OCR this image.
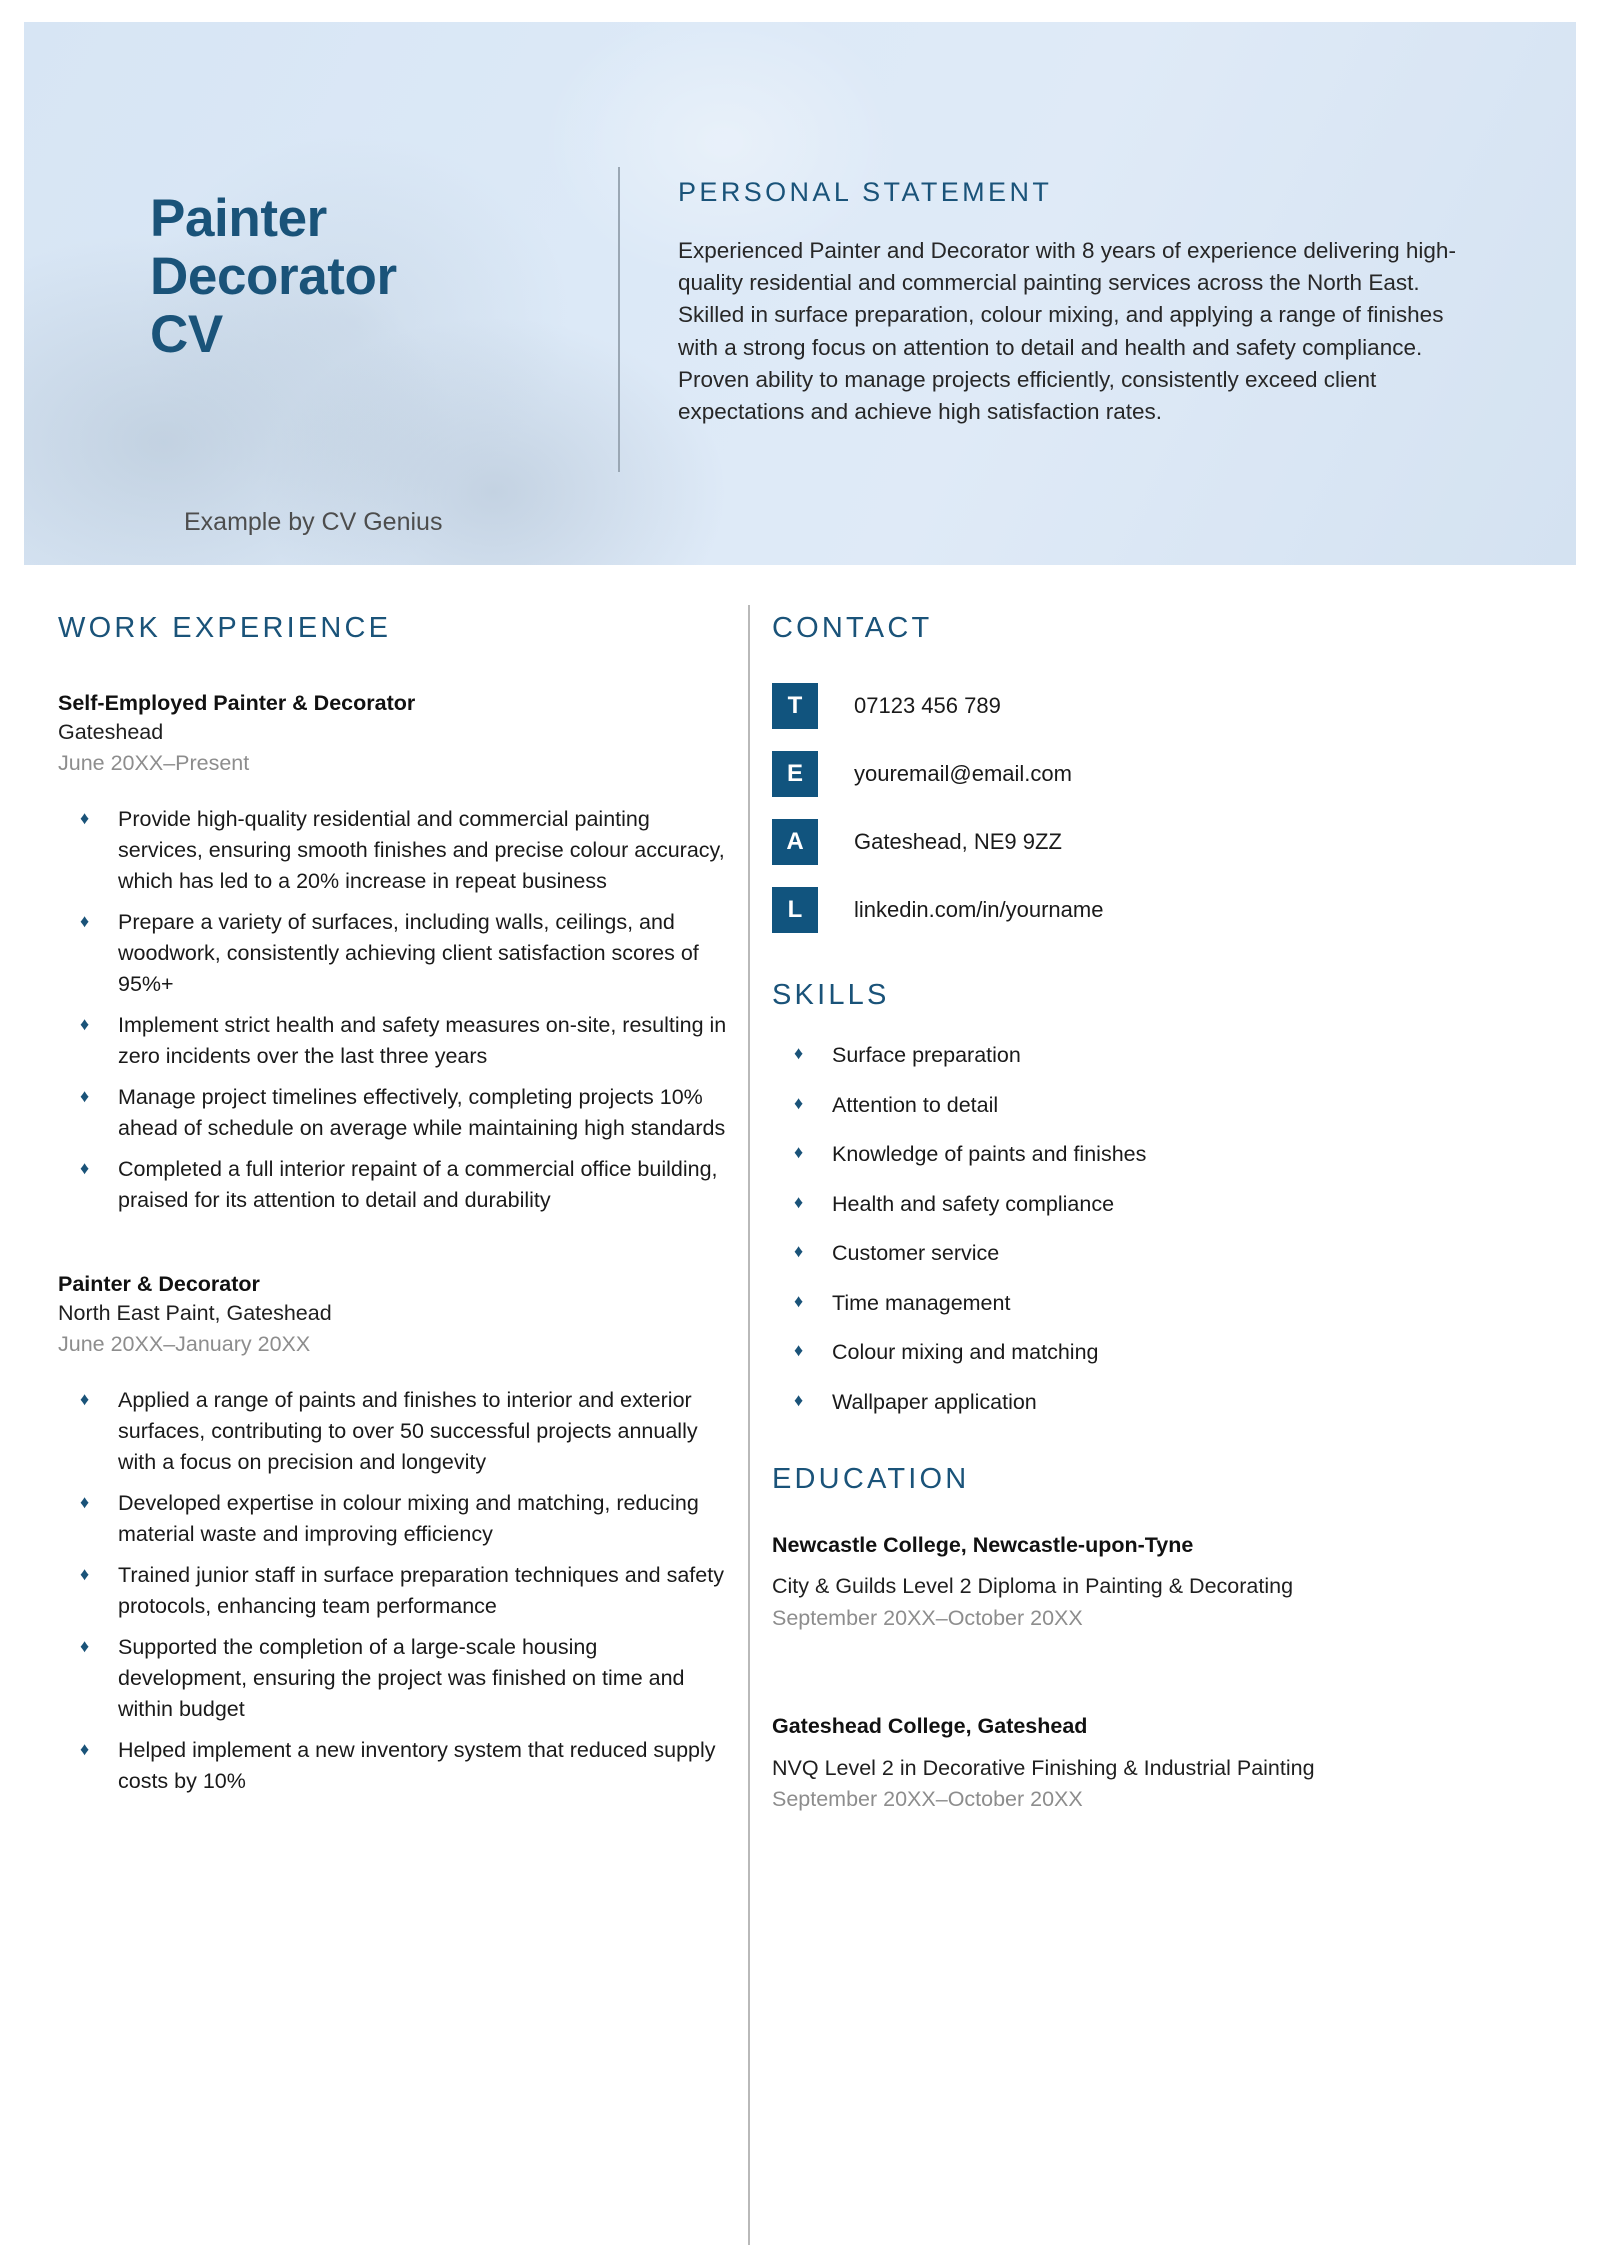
Painter
Decorator
CV
Example by CV Genius
PERSONAL STATEMENT
Experienced Painter and Decorator with 8 years of experience delivering high-quality residential and commercial painting services across the North East. Skilled in surface preparation, colour mixing, and applying a range of finishes with a strong focus on attention to detail and health and safety compliance. Proven ability to manage projects efficiently, consistently exceed client expectations and achieve high satisfaction rates.
WORK EXPERIENCE
Self-Employed Painter & Decorator
Gateshead
June 20XX–Present
♦ Provide high-quality residential and commercial painting services, ensuring smooth finishes and precise colour accuracy, which has led to a 20% increase in repeat business
♦ Prepare a variety of surfaces, including walls, ceilings, and woodwork, consistently achieving client satisfaction scores of 95%+
♦ Implement strict health and safety measures on-site, resulting in zero incidents over the last three years
♦ Manage project timelines effectively, completing projects 10% ahead of schedule on average while maintaining high standards
♦ Completed a full interior repaint of a commercial office building, praised for its attention to detail and durability
Painter & Decorator
North East Paint, Gateshead
June 20XX–January 20XX
♦ Applied a range of paints and finishes to interior and exterior surfaces, contributing to over 50 successful projects annually with a focus on precision and longevity
♦ Developed expertise in colour mixing and matching, reducing material waste and improving efficiency
♦ Trained junior staff in surface preparation techniques and safety protocols, enhancing team performance
♦ Supported the completion of a large-scale housing development, ensuring the project was finished on time and within budget
♦ Helped implement a new inventory system that reduced supply costs by 10%
CONTACT
T	07123 456 789
E	youremail@email.com
A	Gateshead, NE9 9ZZ
L	linkedin.com/in/yourname
SKILLS
♦ Surface preparation
♦ Attention to detail
♦ Knowledge of paints and finishes
♦ Health and safety compliance
♦ Customer service
♦ Time management
♦ Colour mixing and matching
♦ Wallpaper application
EDUCATION
Newcastle College, Newcastle-upon-Tyne
City & Guilds Level 2 Diploma in Painting & Decorating
September 20XX–October 20XX
Gateshead College, Gateshead
NVQ Level 2 in Decorative Finishing & Industrial Painting
September 20XX–October 20XX
